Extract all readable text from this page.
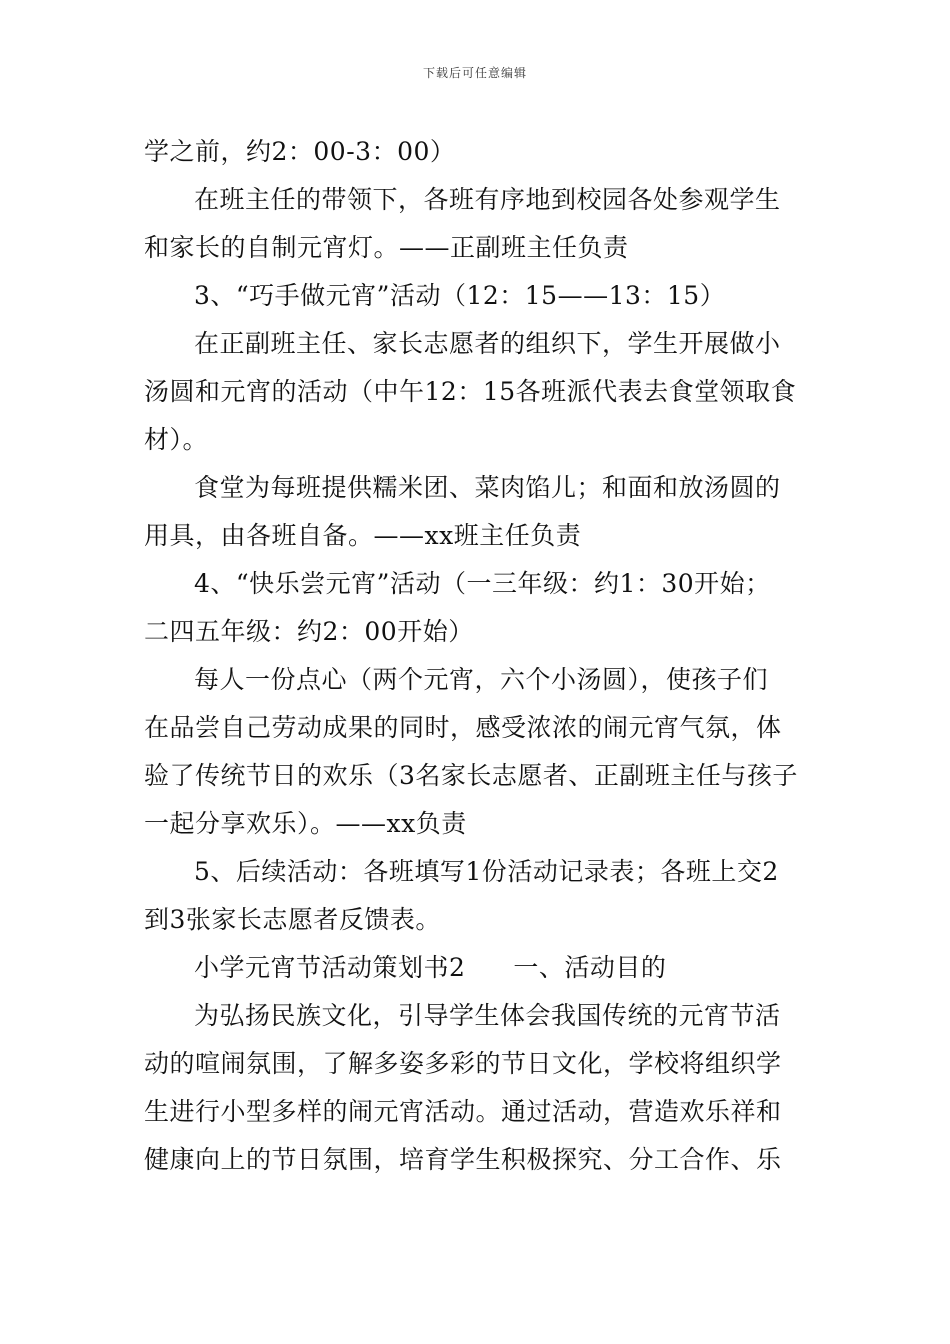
下载后可任意编辑
学之前，约2：00-3：00）
在班主任的带领下，各班有序地到校园各处参观学生
和家长的自制元宵灯。——正副班主任负责
3、“巧手做元宵”活动（12：15——13：15）
在正副班主任、家长志愿者的组织下，学生开展做小
汤圆和元宵的活动（中午12：15各班派代表去食堂领取食
材）。
食堂为每班提供糯米团、菜肉馅儿；和面和放汤圆的
用具，由各班自备。——xx班主任负责
4、“快乐尝元宵”活动（一三年级：约1：30开始；
二四五年级：约2：00开始）
每人一份点心（两个元宵，六个小汤圆），使孩子们
在品尝自己劳动成果的同时，感受浓浓的闹元宵气氛，体
验了传统节日的欢乐（3名家长志愿者、正副班主任与孩子
一起分享欢乐）。——xx负责
5、后续活动：各班填写1份活动记录表；各班上交2
到3张家长志愿者反馈表。
小学元宵节活动策划书2 一、活动目的
为弘扬民族文化，引导学生体会我国传统的元宵节活
动的喧闹氛围，了解多姿多彩的节日文化，学校将组织学
生进行小型多样的闹元宵活动。通过活动，营造欢乐祥和
健康向上的节日氛围，培育学生积极探究、分工合作、乐
